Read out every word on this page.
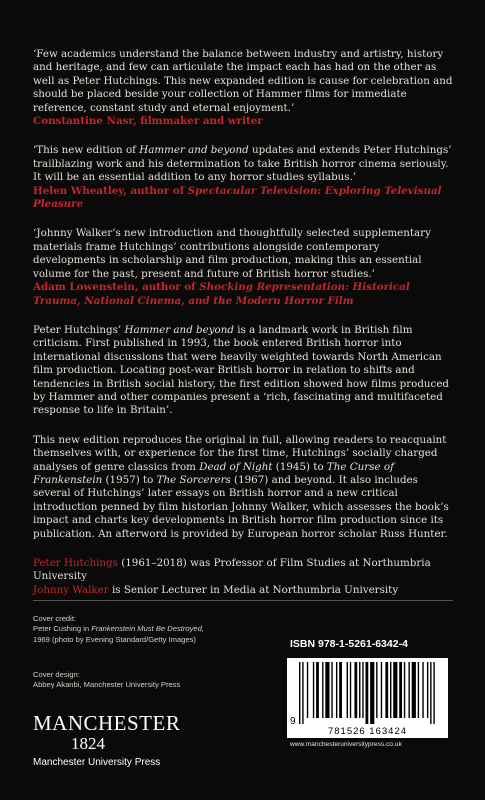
‘Few academics understand the balance between industry and artistry, history and heritage, and few can articulate the impact each has had on the other as well as Peter Hutchings. This new expanded edition is cause for celebration and should be placed beside your collection of Hammer films for immediate reference, constant study and eternal enjoyment.’

Constantine Nasr, filmmaker and writer

‘This new edition of Hammer and beyond updates and extends Peter Hutchings’ trailblazing work and his determination to take British horror cinema seriously. It will be an essential addition to any horror studies syllabus.’

Helen Wheatley, author of Spectacular Television: Exploring Televisual Pleasure

‘Johnny Walker’s new introduction and thoughtfully selected supplementary materials frame Hutchings’ contributions alongside contemporary developments in scholarship and film production, making this an essential volume for the past, present and future of British horror studies.’

Adam Lowenstein, author of Shocking Representation: Historical Trauma, National Cinema, and the Modern Horror Film

Peter Hutchings’ Hammer and beyond is a landmark work in British film criticism. First published in 1993, the book entered British horror into international discussions that were heavily weighted towards North American film production. Locating post-war British horror in relation to shifts and tendencies in British social history, the first edition showed how films produced by Hammer and other companies present a ‘rich, fascinating and multifaceted response to life in Britain’.

This new edition reproduces the original in full, allowing readers to reacquaint themselves with, or experience for the first time, Hutchings’ socially charged analyses of genre classics from Dead of Night (1945) to The Curse of Frankenstein (1957) to The Sorcerers (1967) and beyond. It also includes several of Hutchings’ later essays on British horror and a new critical introduction penned by film historian Johnny Walker, which assesses the book’s impact and charts key developments in British horror film production since its publication. An afterword is provided by European horror scholar Russ Hunter.

Peter Hutchings (1961–2018) was Professor of Film Studies at Northumbria University
Johnny Walker is Senior Lecturer in Media at Northumbria University
Cover credit:
Peter Cushing in Frankenstein Must Be Destroyed,
1969 (photo by Evening Standard/Getty Images)
Cover design:
Abbey Akanbi, Manchester University Press
MANCHESTER
1824
Manchester University Press
ISBN 978-1-5261-6342-4
9
781526 163424
www.manchesteruniversitypress.co.uk
